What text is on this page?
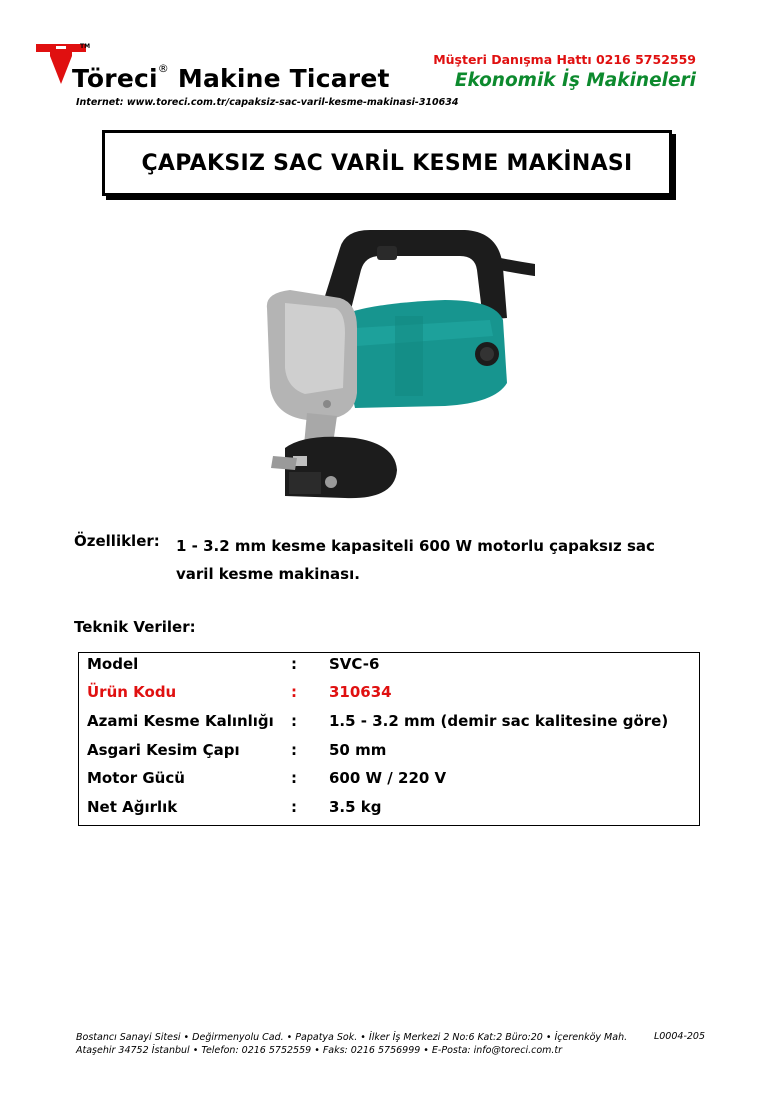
TM
Töreci® Makine Ticaret
Internet: www.toreci.com.tr/capaksiz-sac-varil-kesme-makinasi-310634
Müşteri Danışma Hattı 0216 5752559
Ekonomik İş Makineleri
ÇAPAKSIZ SAC VARİL KESME MAKİNASI
Özellikler: 1 - 3.2 mm kesme kapasiteli 600 W motorlu çapaksız sac varil kesme makinası.
Teknik Veriler:
Model	: SVC-6
Ürün Kodu	: 310634
Azami Kesme Kalınlığı : 1.5 - 3.2 mm (demir sac kalitesine göre)
Asgari Kesim Çapı	: 50 mm
Motor Gücü	: 600 W / 220 V
Net Ağırlık	: 3.5 kg
Bostancı Sanayi Sitesi • Değirmenyolu Cad. • Papatya Sok. • İlker İş Merkezi 2 No:6 Kat:2 Büro:20 • İçerenköy Mah.
Ataşehir 34752 İstanbul • Telefon: 0216 5752559 • Faks: 0216 5756999 • E-Posta: info@toreci.com.tr
L0004-205
